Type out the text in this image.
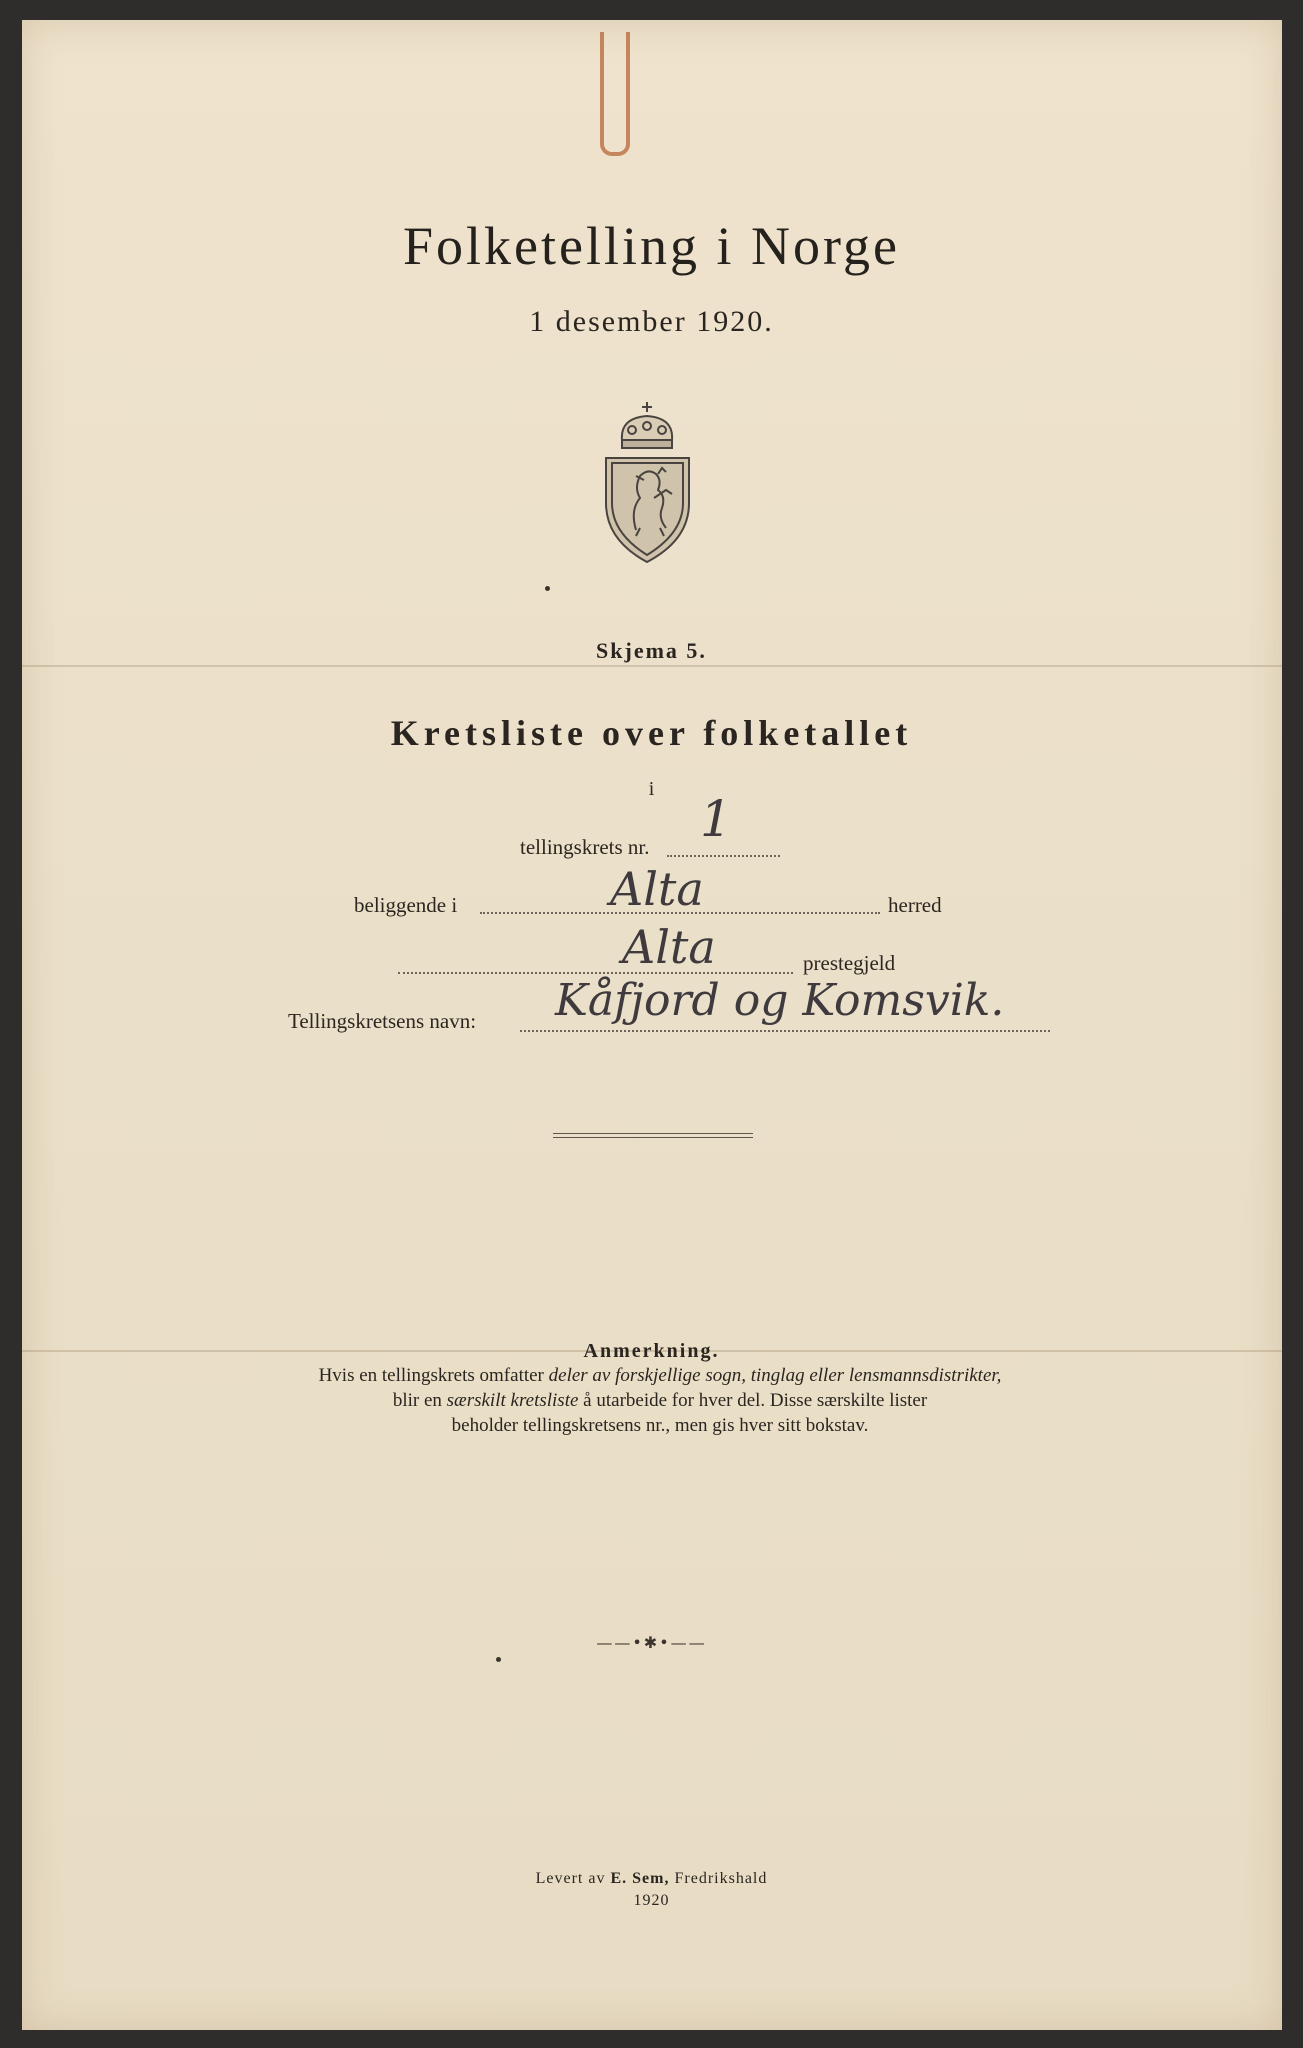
Folketelling i Norge
1 desember 1920.
Skjema 5.
Kretsliste over folketallet
i
tellingskrets nr. 1
beliggende i	Alta	herred
Alta	prestegjeld
Tellingskretsens navn: Kåfjord og Komsvik.
Anmerkning.
Hvis en tellingskrets omfatter deler av forskjellige sogn, tinglag eller lensmannsdistrikter,
blir en særskilt kretsliste å utarbeide for hver del. Disse særskilte lister
beholder tellingskretsens nr., men gis hver sitt bokstav.
——•✱•——
Levert av E. Sem, Fredrikshald
1920
